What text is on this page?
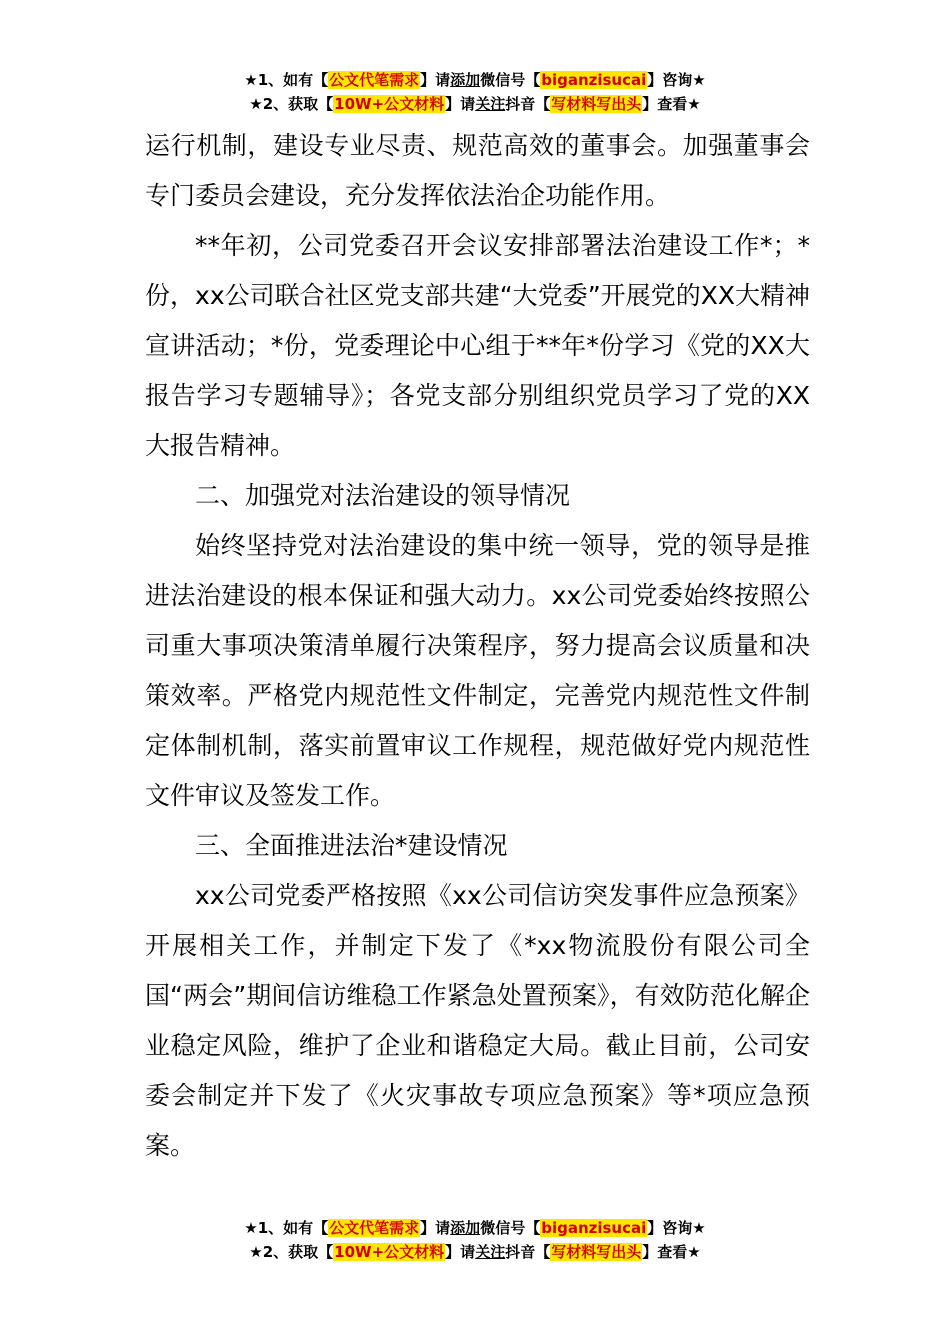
★1、如有【公文代笔需求】请添加微信号【biganzisucai】咨询★
★2、获取【10W+公文材料】请关注抖音【写材料写出头】查看★

运行机制，建设专业尽责、规范高效的董事会。加强董事会专门委员会建设，充分发挥依法治企功能作用。

**年初，公司党委召开会议安排部署法治建设工作*；*份，xx公司联合社区党支部共建“大党委”开展党的XX大精神宣讲活动；*份，党委理论中心组于**年*份学习《党的XX大报告学习专题辅导》；各党支部分别组织党员学习了党的XX大报告精神。

二、加强党对法治建设的领导情况

始终坚持党对法治建设的集中统一领导，党的领导是推进法治建设的根本保证和强大动力。xx公司党委始终按照公司重大事项决策清单履行决策程序，努力提高会议质量和决策效率。严格党内规范性文件制定，完善党内规范性文件制定体制机制，落实前置审议工作规程，规范做好党内规范性文件审议及签发工作。

三、全面推进法治*建设情况

xx公司党委严格按照《xx公司信访突发事件应急预案》开展相关工作，并制定下发了《*xx物流股份有限公司全国“两会”期间信访维稳工作紧急处置预案》，有效防范化解企业稳定风险，维护了企业和谐稳定大局。截止目前，公司安委会制定并下发了《火灾事故专项应急预案》等*项应急预案。

★1、如有【公文代笔需求】请添加微信号【biganzisucai】咨询★
★2、获取【10W+公文材料】请关注抖音【写材料写出头】查看★
